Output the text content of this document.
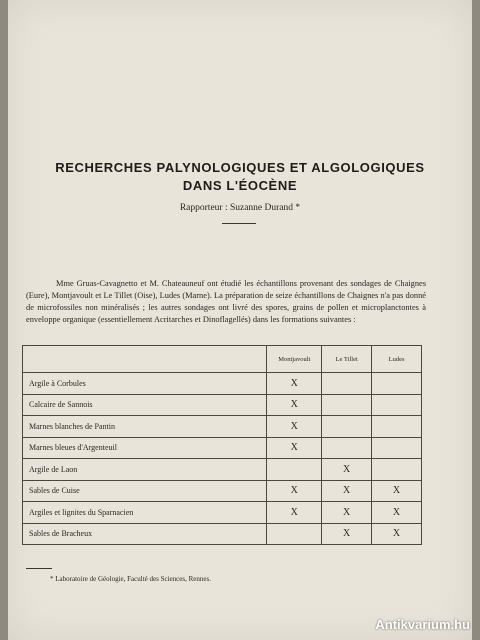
RECHERCHES PALYNOLOGIQUES ET ALGOLOGIQUES
DANS L'ÉOCÈNE
Rapporteur : Suzanne Durand *
Mme Gruas-Cavagnetto et M. Chateauneuf ont étudié les échantillons provenant des sondages de Chaignes (Eure), Montjavoult et Le Tillet (Oise), Ludes (Marne). La préparation de seize échantillons de Chaignes n'a pas donné de microfossiles non minéralisés ; les autres sondages ont livré des spores, grains de pollen et microplanctontes à enveloppe organique (essentiellement Acritarches et Dinoflagellés) dans les formations suivantes :
	Montjavoult	Le Tillet	Ludes
Argile à Corbules	X		
Calcaire de Sannois	X		
Marnes blanches de Pantin	X		
Marnes bleues d'Argenteuil	X		
Argile de Laon		X	
Sables de Cuise	X	X	X
Argiles et lignites du Sparnacien	X	X	X
Sables de Bracheux		X	X
* Laboratoire de Géologie, Faculté des Sciences, Rennes.
Antikvarium.hu
